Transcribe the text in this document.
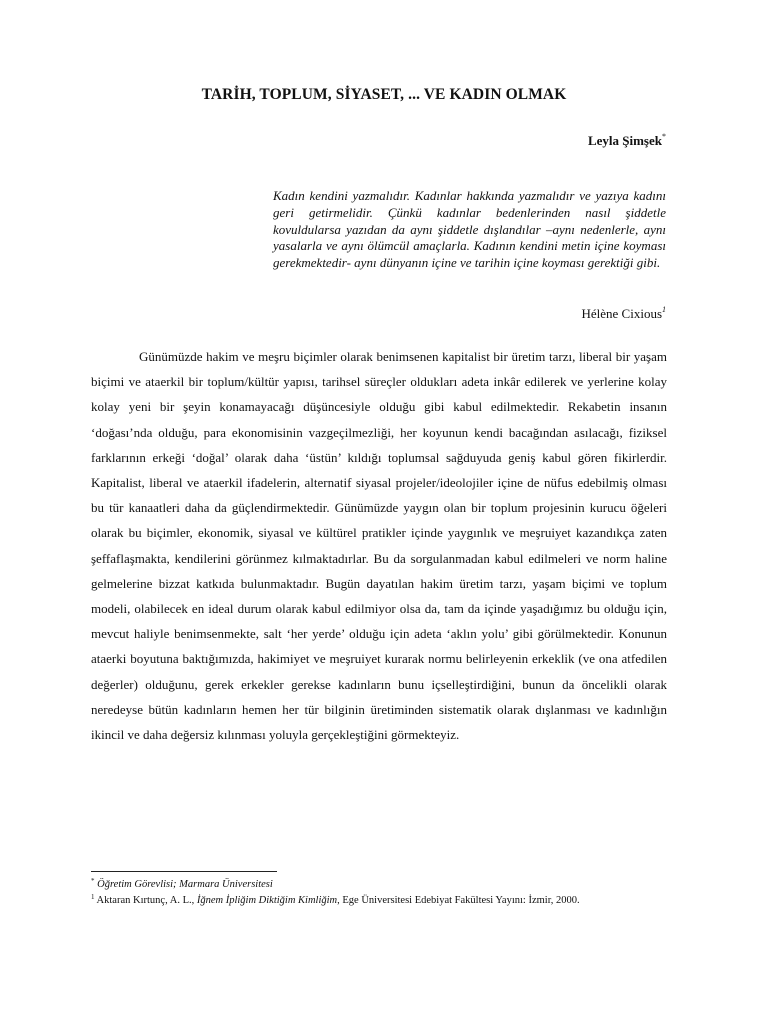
TARİH, TOPLUM, SİYASET, ... VE KADIN OLMAK
Leyla Şimşek*
Kadın kendini yazmalıdır. Kadınlar hakkında yazmalıdır ve yazıya kadını geri getirmelidir. Çünkü kadınlar bedenlerinden nasıl şiddetle kovuldularsa yazıdan da aynı şiddetle dışlandılar –aynı nedenlerle, aynı yasalarla ve aynı ölümcül amaçlarla. Kadının kendini metin içine koyması gerekmektedir- aynı dünyanın içine ve tarihin içine koyması gerektiği gibi.
Hélène Cixious$^1$

Günümüzde hakim ve meşru biçimler olarak benimsenen kapitalist bir üretim tarzı, liberal bir yaşam biçimi ve ataerkil bir toplum/kültür yapısı, tarihsel süreçler oldukları adeta inkâr edilerek ve yerlerine kolay kolay yeni bir şeyin konamayacağı düşüncesiyle olduğu gibi kabul edilmektedir. Rekabetin insanın ‘doğası’nda olduğu, para ekonomisinin vazgeçilmezliği, her koyunun kendi bacağından asılacağı, fiziksel farklarının erkeği ‘doğal’ olarak daha ‘üstün’ kıldığı toplumsal sağduyuda geniş kabul gören fikirlerdir. Kapitalist, liberal ve ataerkil ifadelerin, alternatif siyasal projeler/ideolojiler içine de nüfus edebilmiş olması bu tür kanaatleri daha da güçlendirmektedir. Günümüzde yaygın olan bir toplum projesinin kurucu öğeleri olarak bu biçimler, ekonomik, siyasal ve kültürel pratikler içinde yaygınlık ve meşruiyet kazandıkça zaten şeffaflaşmakta, kendilerini görünmez kılmaktadırlar. Bu da sorgulanmadan kabul edilmeleri ve norm haline gelmelerine bizzat katkıda bulunmaktadır. Bugün dayatılan hakim üretim tarzı, yaşam biçimi ve toplum modeli, olabilecek en ideal durum olarak kabul edilmiyor olsa da, tam da içinde yaşadığımız bu olduğu için, mevcut haliyle benimsenmekte, salt ‘her yerde’ olduğu için adeta ‘aklın yolu’ gibi görülmektedir. Konunun ataerki boyutuna baktığımızda, hakimiyet ve meşruiyet kurarak normu belirleyenin erkeklik (ve ona atfedilen değerler) olduğunu, gerek erkekler gerekse kadınların bunu içselleştirdiğini, bunun da öncelikli olarak neredeyse bütün kadınların hemen her tür bilginin üretiminden sistematik olarak dışlanması ve kadınlığın ikincil ve daha değersiz kılınması yoluyla gerçekleştiğini görmekteyiz.

* Öğretim Görevlisi; Marmara Üniversitesi

$^1$ Aktaran Kırtunç, A. L., İğnem İpliğim Diktiğim Kimliğim, Ege Üniversitesi Edebiyat Fakültesi Yayını: İzmir, 2000.
